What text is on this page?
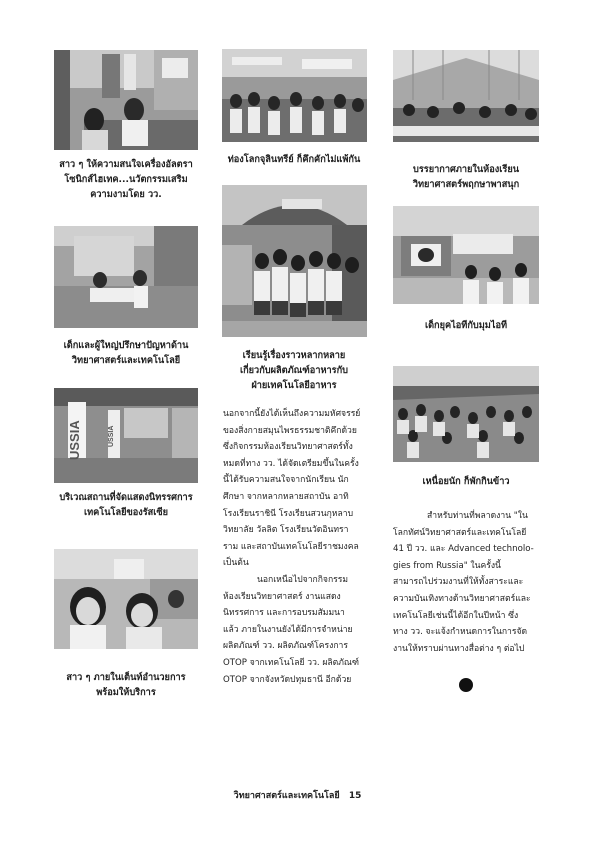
สาว ๆ ให้ความสนใจเครื่องอัลตรา
โซนิกส์ไฮเทค...นวัตกรรมเสริม
ความงามโดย วว.
เด็กและผู้ใหญ่ปรึกษาปัญหาด้าน
วิทยาศาสตร์และเทคโนโลยี
USSIA	USSIA
บริเวณสถานที่จัดแสดงนิทรรศการ
เทคโนโลยีของรัสเซีย
สาว ๆ ภายในเต็นท์อำนวยการ
พร้อมให้บริการ
ท่องโลกจุลินทรีย์ ก็คึกคักไม่แพ้กัน
เรียนรู้เรื่องราวหลากหลาย
เกี่ยวกับผลิตภัณฑ์อาหารกับ
ฝ่ายเทคโนโลยีอาหาร
นอกจากนี้ยังได้เห็นถึงความมหัศจรรย์
ของสิ่งกายสมุนไพรธรรมชาติคึกด้วย
ซึ่งกิจกรรมห้องเรียนวิทยาศาสตร์ทั้ง
หมดที่ทาง วว. ได้จัดเตรียมขึ้นในครั้ง
นี้ได้รับความสนใจจากนักเรียน นัก
ศึกษา จากหลากหลายสถาบัน อาทิ
โรงเรียนราชินี โรงเรียนสวนกุหลาบ
วิทยาลัย วัลลิต โรงเรียนวัดอินทรา
ราม และสถาบันเทคโนโลยีราชมงคล
เป็นต้น
นอกเหนือไปจากกิจกรรม
ห้องเรียนวิทยาศาสตร์ งานแสดง
นิทรรศการ และการอบรมสัมมนา
แล้ว ภายในงานยังได้มีการจำหน่าย
ผลิตภัณฑ์ วว. ผลิตภัณฑ์โครงการ
OTOP จากเทคโนโลยี วว. ผลิตภัณฑ์
OTOP จากจังหวัดปทุมธานี อีกด้วย
บรรยากาศภายในห้องเรียน
วิทยาศาสตร์พฤกษาพาสนุก
เด็กยุคไอทีกับมุมไอที
เหนื่อยนัก ก็พักกินข้าว
สำหรับท่านที่พลาดงาน "ใน
โลกทัศน์วิทยาศาสตร์และเทคโนโลยี
41 ปี วว. และ Advanced technolo-
gies from Russia" ในครั้งนี้
สามารถไปร่วมงานที่ให้ทั้งสาระและ
ความบันเทิงทางด้านวิทยาศาสตร์และ
เทคโนโลยีเช่นนี้ได้อีกในปีหน้า ซึ่ง
ทาง วว. จะแจ้งกำหนดการในการจัด
งานให้ทราบผ่านทางสื่อต่าง ๆ ต่อไป
วิทยาศาสตร์และเทคโนโลยี 15
